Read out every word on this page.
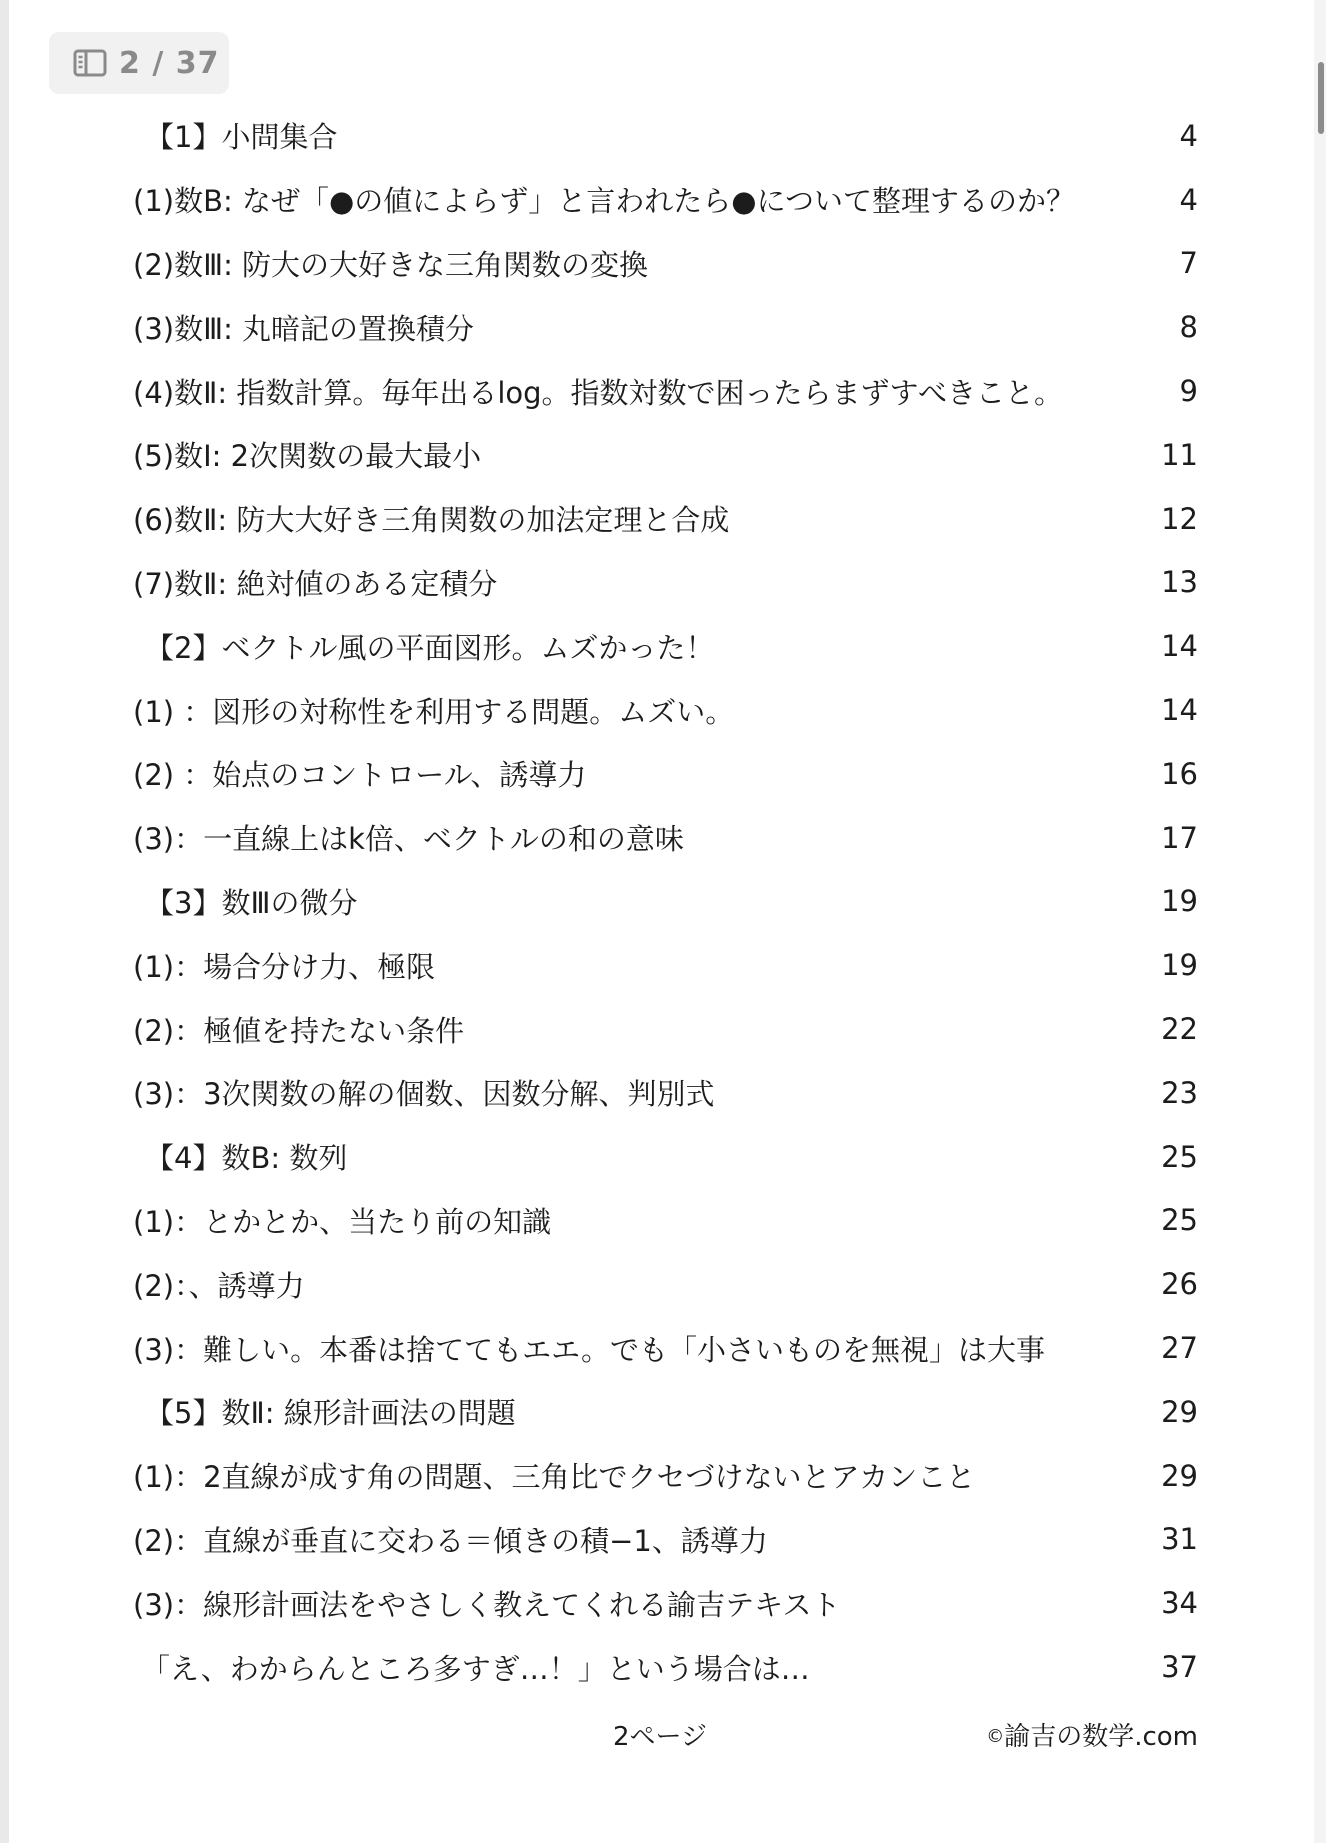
2 / 37
【1】小問集合	4
(1)数B: なぜ「●の値によらず」と言われたら●について整理するのか？	4
(2)数Ⅲ: 防大の大好きな三角関数の変換	7
(3)数Ⅲ: 丸暗記の置換積分	8
(4)数Ⅱ: 指数計算。毎年出るlog。指数対数で困ったらまずすべきこと。	9
(5)数Ⅰ: 2次関数の最大最小	11
(6)数Ⅱ: 防大大好き三角関数の加法定理と合成	12
(7)数Ⅱ: 絶対値のある定積分	13
【2】ベクトル風の平面図形。ムズかった！	14
(1) ：図形の対称性を利用する問題。ムズい。	14
(2) ：始点のコントロール、誘導力	16
(3)：一直線上はk倍、ベクトルの和の意味	17
【3】数Ⅲの微分	19
(1)：場合分け力、極限	19
(2)：極値を持たない条件	22
(3)：3次関数の解の個数、因数分解、判別式	23
【4】数B: 数列	25
(1)：とかとか、当たり前の知識	25
(2)：、誘導力	26
(3)：難しい。本番は捨ててもエエ。でも「小さいものを無視」は大事	27
【5】数Ⅱ: 線形計画法の問題	29
(1)：2直線が成す角の問題、三角比でクセづけないとアカンこと	29
(2)：直線が垂直に交わる＝傾きの積−1、誘導力	31
(3)：線形計画法をやさしく教えてくれる諭吉テキスト	34
「え、わからんところ多すぎ…！」という場合は…	37
2ページ	©諭吉の数学.com
